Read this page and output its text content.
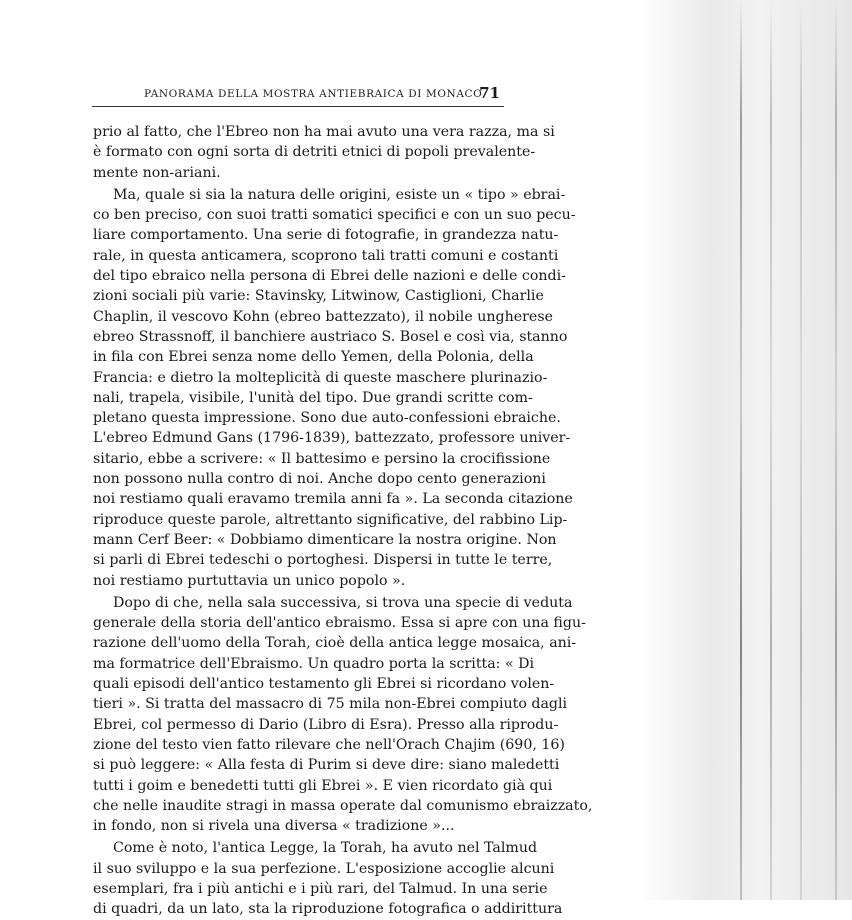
PANORAMA DELLA MOSTRA ANTIEBRAICA DI MONACO
71
prio al fatto, che l'Ebreo non ha mai avuto una vera razza, ma si
è formato con ogni sorta di detriti etnici di popoli prevalente-
mente non-ariani.
Ma, quale si sia la natura delle origini, esiste un « tipo » ebrai-
co ben preciso, con suoi tratti somatici specifici e con un suo pecu-
liare comportamento. Una serie di fotografie, in grandezza natu-
rale, in questa anticamera, scoprono tali tratti comuni e costanti
del tipo ebraico nella persona di Ebrei delle nazioni e delle condi-
zioni sociali più varie: Stavinsky, Litwinow, Castiglioni, Charlie
Chaplin, il vescovo Kohn (ebreo battezzato), il nobile ungherese
ebreo Strassnoff, il banchiere austriaco S. Bosel e così via, stanno
in fila con Ebrei senza nome dello Yemen, della Polonia, della
Francia: e dietro la molteplicità di queste maschere plurinazio-
nali, trapela, visibile, l'unità del tipo. Due grandi scritte com-
pletano questa impressione. Sono due auto-confessioni ebraiche.
L'ebreo Edmund Gans (1796-1839), battezzato, professore univer-
sitario, ebbe a scrivere: « Il battesimo e persino la crocifissione
non possono nulla contro di noi. Anche dopo cento generazioni
noi restiamo quali eravamo tremila anni fa ». La seconda citazione
riproduce queste parole, altrettanto significative, del rabbino Lip-
mann Cerf Beer: « Dobbiamo dimenticare la nostra origine. Non
si parli di Ebrei tedeschi o portoghesi. Dispersi in tutte le terre,
noi restiamo purtuttavia un unico popolo ».
Dopo di che, nella sala successiva, si trova una specie di veduta
generale della storia dell'antico ebraismo. Essa si apre con una figu-
razione dell'uomo della Torah, cioè della antica legge mosaica, ani-
ma formatrice dell'Ebraismo. Un quadro porta la scritta: « Di
quali episodi dell'antico testamento gli Ebrei si ricordano volen-
tieri ». Si tratta del massacro di 75 mila non-Ebrei compiuto dagli
Ebrei, col permesso di Dario (Libro di Esra). Presso alla riprodu-
zione del testo vien fatto rilevare che nell'Orach Chajim (690, 16)
si può leggere: « Alla festa di Purim si deve dire: siano maledetti
tutti i goim e benedetti tutti gli Ebrei ». E vien ricordato già qui
che nelle inaudite stragi in massa operate dal comunismo ebraizzato,
in fondo, non si rivela una diversa « tradizione »...
Come è noto, l'antica Legge, la Torah, ha avuto nel Talmud
il suo sviluppo e la sua perfezione. L'esposizione accoglie alcuni
esemplari, fra i più antichi e i più rari, del Talmud. In una serie
di quadri, da un lato, sta la riproduzione fotografica o addirittura
